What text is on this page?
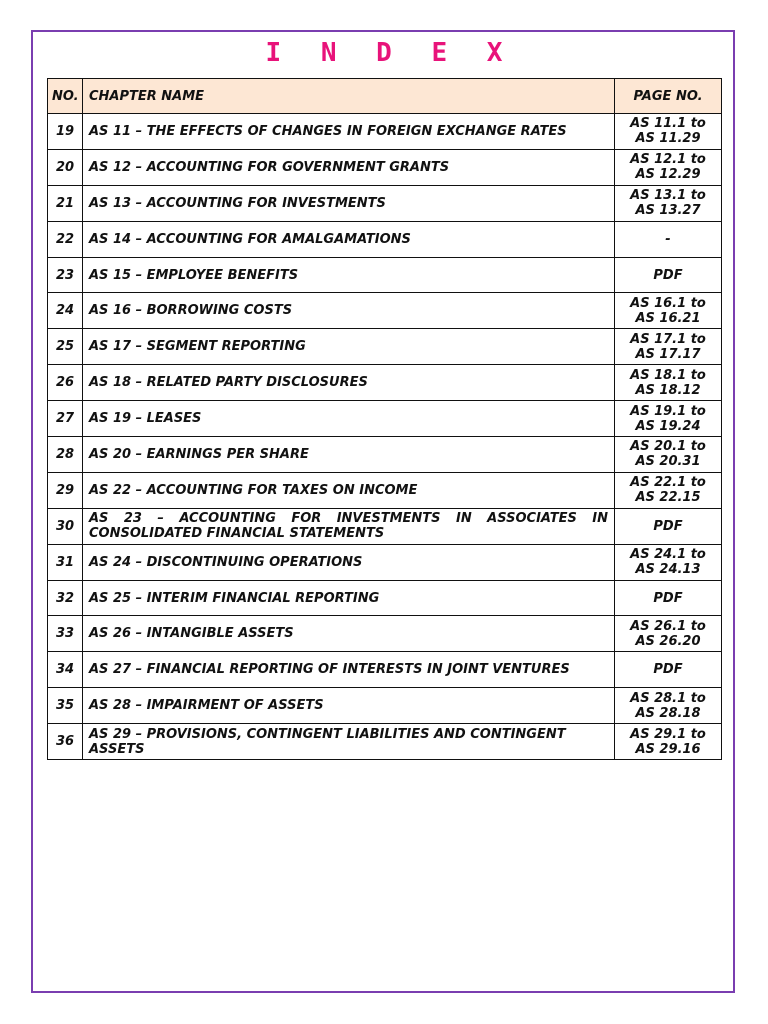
I N D E X
NO.	CHAPTER NAME	PAGE NO.
19	AS 11 – THE EFFECTS OF CHANGES IN FOREIGN EXCHANGE RATES	AS 11.1 to AS 11.29
20	AS 12 – ACCOUNTING FOR GOVERNMENT GRANTS	AS 12.1 to AS 12.29
21	AS 13 – ACCOUNTING FOR INVESTMENTS	AS 13.1 to AS 13.27
22	AS 14 – ACCOUNTING FOR AMALGAMATIONS	-
23	AS 15 – EMPLOYEE BENEFITS	PDF
24	AS 16 – BORROWING COSTS	AS 16.1 to AS 16.21
25	AS 17 – SEGMENT REPORTING	AS 17.1 to AS 17.17
26	AS 18 – RELATED PARTY DISCLOSURES	AS 18.1 to AS 18.12
27	AS 19 – LEASES	AS 19.1 to AS 19.24
28	AS 20 – EARNINGS PER SHARE	AS 20.1 to AS 20.31
29	AS 22 – ACCOUNTING FOR TAXES ON INCOME	AS 22.1 to AS 22.15
30	AS 23 – ACCOUNTING FOR INVESTMENTS IN ASSOCIATES IN CONSOLIDATED FINANCIAL STATEMENTS	PDF
31	AS 24 – DISCONTINUING OPERATIONS	AS 24.1 to AS 24.13
32	AS 25 – INTERIM FINANCIAL REPORTING	PDF
33	AS 26 – INTANGIBLE ASSETS	AS 26.1 to AS 26.20
34	AS 27 – FINANCIAL REPORTING OF INTERESTS IN JOINT VENTURES	PDF
35	AS 28 – IMPAIRMENT OF ASSETS	AS 28.1 to AS 28.18
36	AS 29 – PROVISIONS, CONTINGENT LIABILITIES AND CONTINGENT ASSETS	AS 29.1 to AS 29.16
